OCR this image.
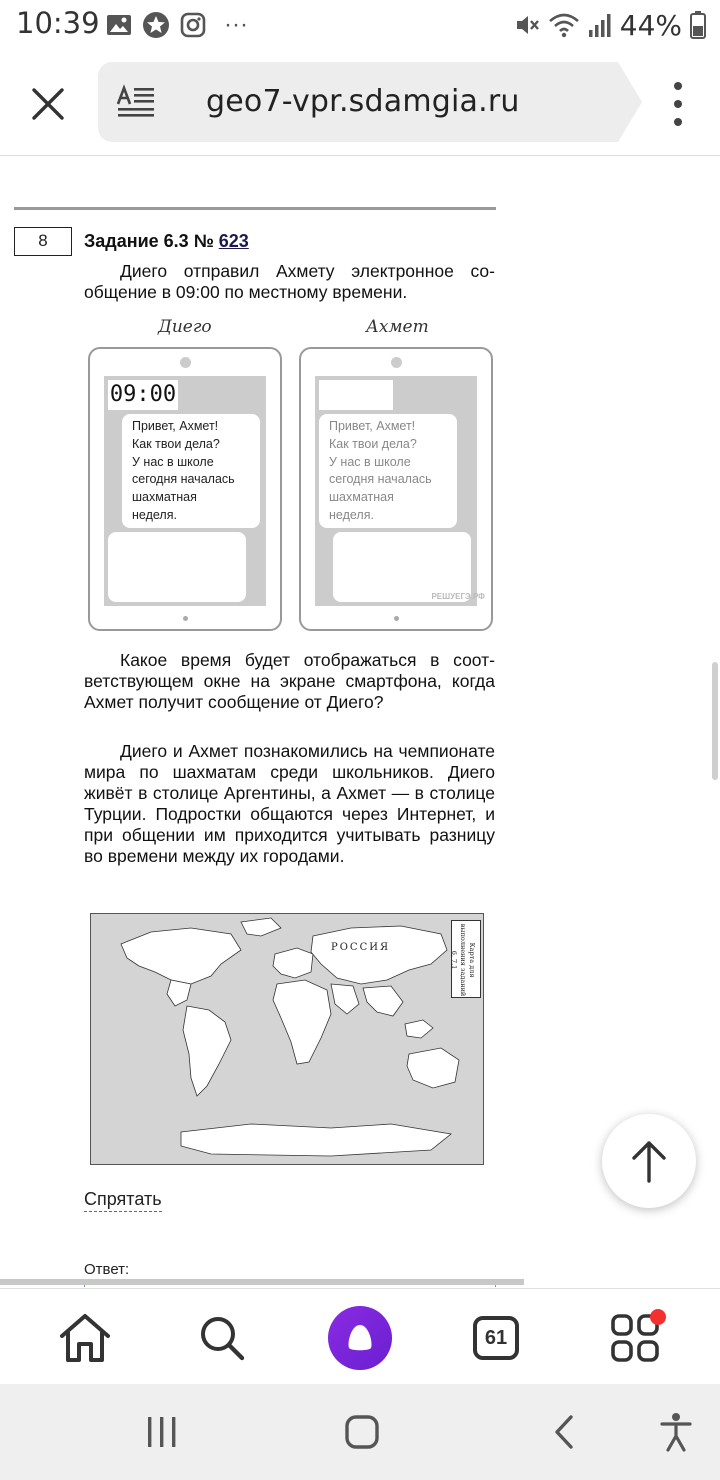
10:39	···	44%
geo7-vpr.sdamgia.ru
8	Задание 6.3 № 623
Диего отправил Ахмету электронное сообщение в 09:00 по местному времени.
Диего	Ахмет
09:00
Привет, Ахмет!
Как твои дела?
У нас в школе
сегодня началась
шахматная
неделя.
Привет, Ахмет!
Как твои дела?
У нас в школе
сегодня началась
шахматная
неделя.
РЕШУЕГЭ.РФ
Какое время будет отображаться в соответствующем окне на экране смартфона, когда Ахмет получит сообщение от Диего?
Диего и Ахмет познакомились на чемпионате мира по шахматам среди школьников. Диего живёт в столице Аргентины, а Ахмет — в столице Турции. Подростки общаются через Интернет, и при общении им приходится учитывать разницу во времени между их городами.
РОССИЯ	Карта для выполнения заданий 6, 7.1
Спрятать
Ответ:
61
